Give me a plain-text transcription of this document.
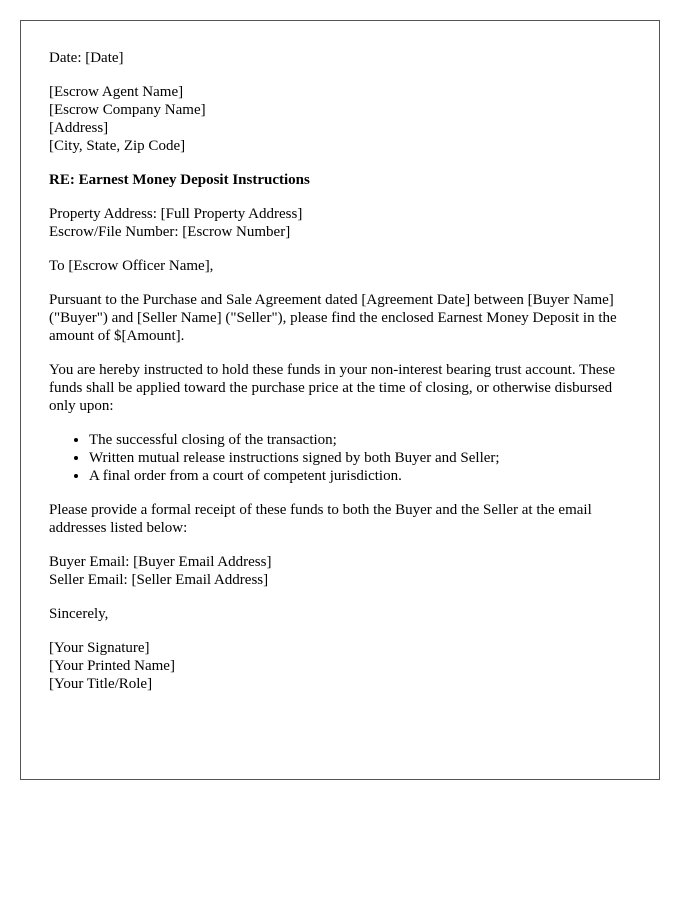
Date: [Date]
[Escrow Agent Name]
[Escrow Company Name]
[Address]
[City, State, Zip Code]
RE: Earnest Money Deposit Instructions
Property Address: [Full Property Address]
Escrow/File Number: [Escrow Number]
To [Escrow Officer Name],

Pursuant to the Purchase and Sale Agreement dated [Agreement Date] between [Buyer Name] ("Buyer") and [Seller Name] ("Seller"), please find the enclosed Earnest Money Deposit in the amount of $[Amount].

You are hereby instructed to hold these funds in your non-interest bearing trust account. These funds shall be applied toward the purchase price at the time of closing, or otherwise disbursed only upon:

• The successful closing of the transaction;
• Written mutual release instructions signed by both Buyer and Seller;
• A final order from a court of competent jurisdiction.

Please provide a formal receipt of these funds to both the Buyer and the Seller at the email addresses listed below:

Buyer Email: [Buyer Email Address]
Seller Email: [Seller Email Address]
Sincerely,
[Your Signature]
[Your Printed Name]
[Your Title/Role]
